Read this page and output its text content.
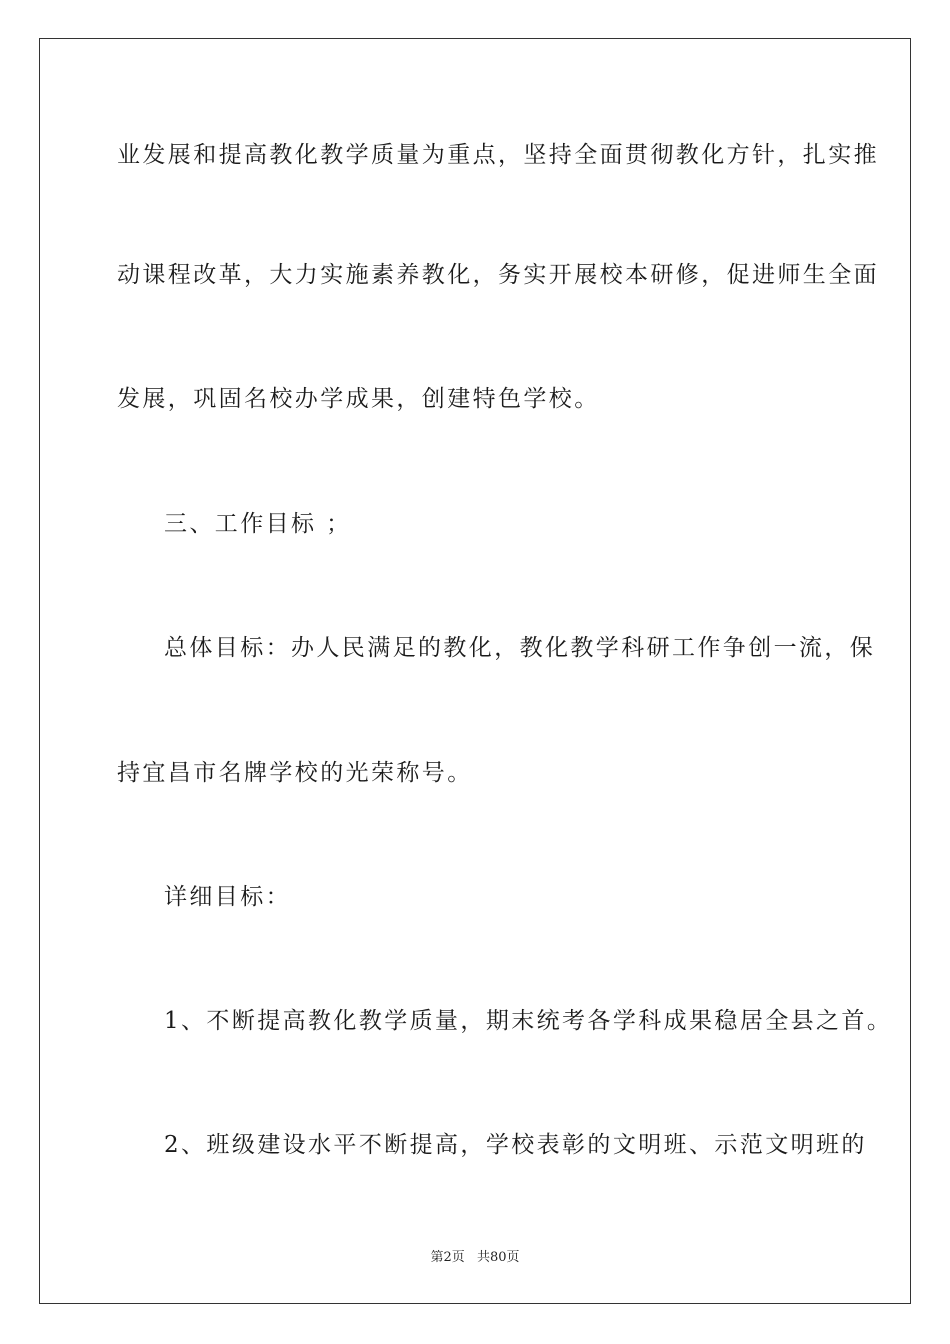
业发展和提高教化教学质量为重点，坚持全面贯彻教化方针，扎实推
动课程改革，大力实施素养教化，务实开展校本研修，促进师生全面
发展，巩固名校办学成果，创建特色学校。
三、工作目标 ；
总体目标：办人民满足的教化，教化教学科研工作争创一流，保
持宜昌市名牌学校的光荣称号。
详细目标：
1、不断提高教化教学质量，期末统考各学科成果稳居全县之首。
2、班级建设水平不断提高，学校表彰的文明班、示范文明班的
第2页 共80页
